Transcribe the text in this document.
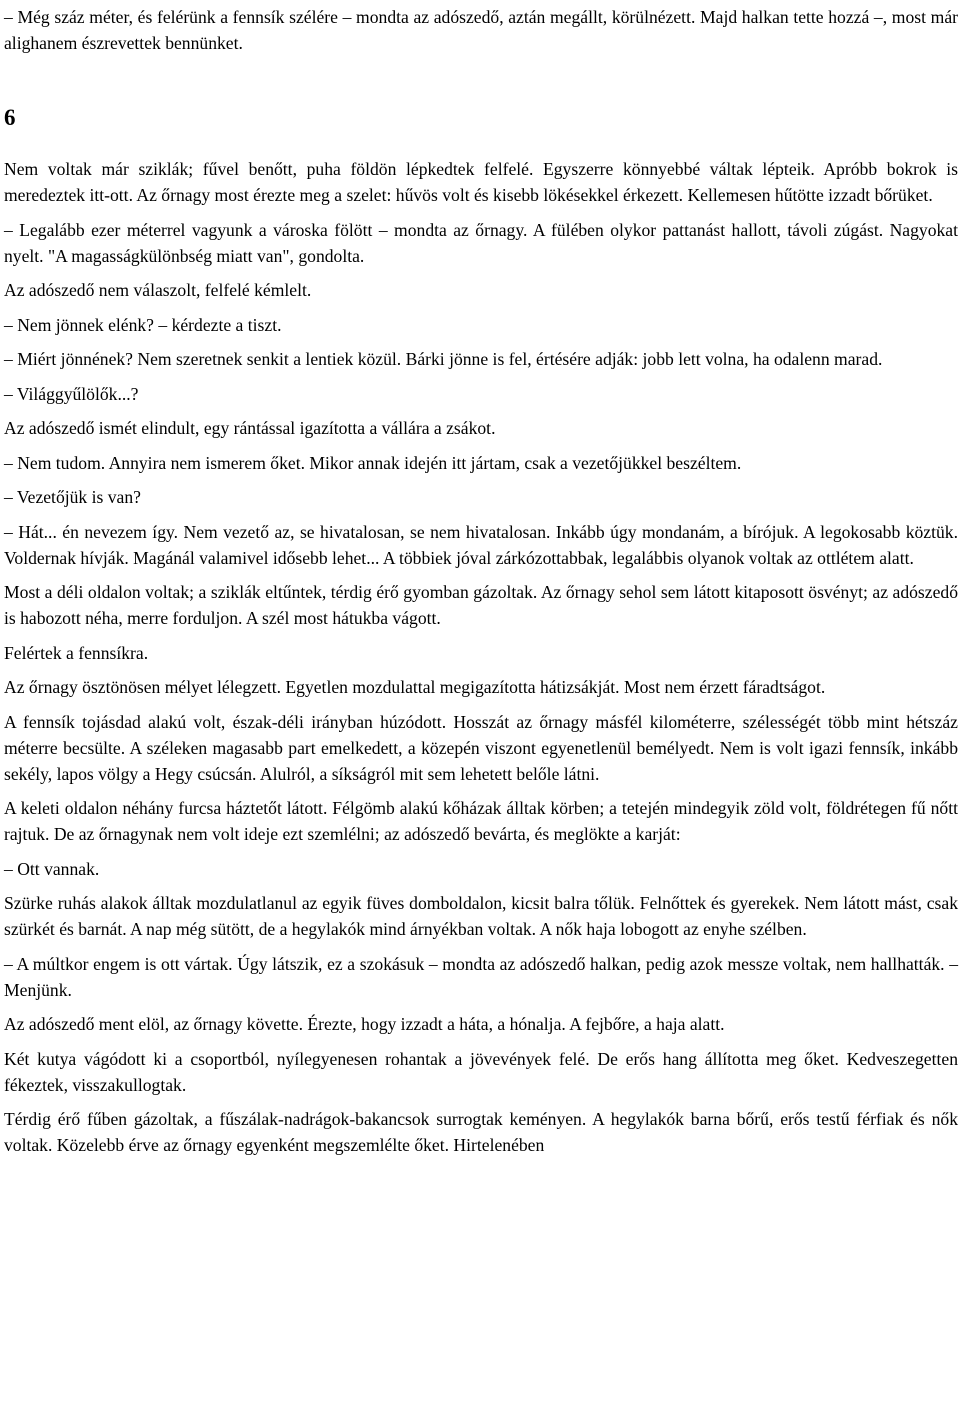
– Még száz méter, és felérünk a fennsík szélére – mondta az adószedő, aztán megállt, körülnézett. Majd halkan tette hozzá –, most már alighanem észrevettek bennünket.

6

Nem voltak már sziklák; fűvel benőtt, puha földön lépkedtek felfelé. Egyszerre könnyebbé váltak lépteik. Apróbb bokrok is meredeztek itt-ott. Az őrnagy most érezte meg a szelet: hűvös volt és kisebb lökésekkel érkezett. Kellemesen hűtötte izzadt bőrüket.

– Legalább ezer méterrel vagyunk a városka fölött – mondta az őrnagy. A fülében olykor pattanást hallott, távoli zúgást. Nagyokat nyelt. "A magasságkülönbség miatt van", gondolta.

Az adószedő nem válaszolt, felfelé kémlelt.

– Nem jönnek elénk? – kérdezte a tiszt.

– Miért jönnének? Nem szeretnek senkit a lentiek közül. Bárki jönne is fel, értésére adják: jobb lett volna, ha odalenn marad.

– Világgyűlölők...?

Az adószedő ismét elindult, egy rántással igazította a vállára a zsákot.

– Nem tudom. Annyira nem ismerem őket. Mikor annak idején itt jártam, csak a vezetőjükkel beszéltem.

– Vezetőjük is van?

– Hát... én nevezem így. Nem vezető az, se hivatalosan, se nem hivatalosan. Inkább úgy mondanám, a bírójuk. A legokosabb köztük. Voldernak hívják. Magánál valamivel idősebb lehet... A többiek jóval zárkózottabbak, legalábbis olyanok voltak az ottlétem alatt.

Most a déli oldalon voltak; a sziklák eltűntek, térdig érő gyomban gázoltak. Az őrnagy sehol sem látott kitaposott ösvényt; az adószedő is habozott néha, merre forduljon. A szél most hátukba vágott.

Felértek a fennsíkra.

Az őrnagy ösztönösen mélyet lélegzett. Egyetlen mozdulattal megigazította hátizsákját. Most nem érzett fáradtságot.

A fennsík tojásdad alakú volt, észak-déli irányban húzódott. Hosszát az őrnagy másfél kilométerre, szélességét több mint hétszáz méterre becsülte. A széleken magasabb part emelkedett, a közepén viszont egyenetlenül bemélyedt. Nem is volt igazi fennsík, inkább sekély, lapos völgy a Hegy csúcsán. Alulról, a síkságról mit sem lehetett belőle látni.

A keleti oldalon néhány furcsa háztetőt látott. Félgömb alakú kőházak álltak körben; a tetején mindegyik zöld volt, földrétegen fű nőtt rajtuk. De az őrnagynak nem volt ideje ezt szemlélni; az adószedő bevárta, és meglökte a karját:

– Ott vannak.

Szürke ruhás alakok álltak mozdulatlanul az egyik füves domboldalon, kicsit balra tőlük. Felnőttek és gyerekek. Nem látott mást, csak szürkét és barnát. A nap még sütött, de a hegylakók mind árnyékban voltak. A nők haja lobogott az enyhe szélben.

– A múltkor engem is ott vártak. Úgy látszik, ez a szokásuk – mondta az adószedő halkan, pedig azok messze voltak, nem hallhatták. – Menjünk.

Az adószedő ment elöl, az őrnagy követte. Érezte, hogy izzadt a háta, a hónalja. A fejbőre, a haja alatt.

Két kutya vágódott ki a csoportból, nyílegyenesen rohantak a jövevények felé. De erős hang állította meg őket. Kedveszegetten fékeztek, visszakullogtak.

Térdig érő fűben gázoltak, a fűszálak-nadrágok-bakancsok surrogtak keményen. A hegylakók barna bőrű, erős testű férfiak és nők voltak. Közelebb érve az őrnagy egyenként megszemlélte őket. Hirtelenében
